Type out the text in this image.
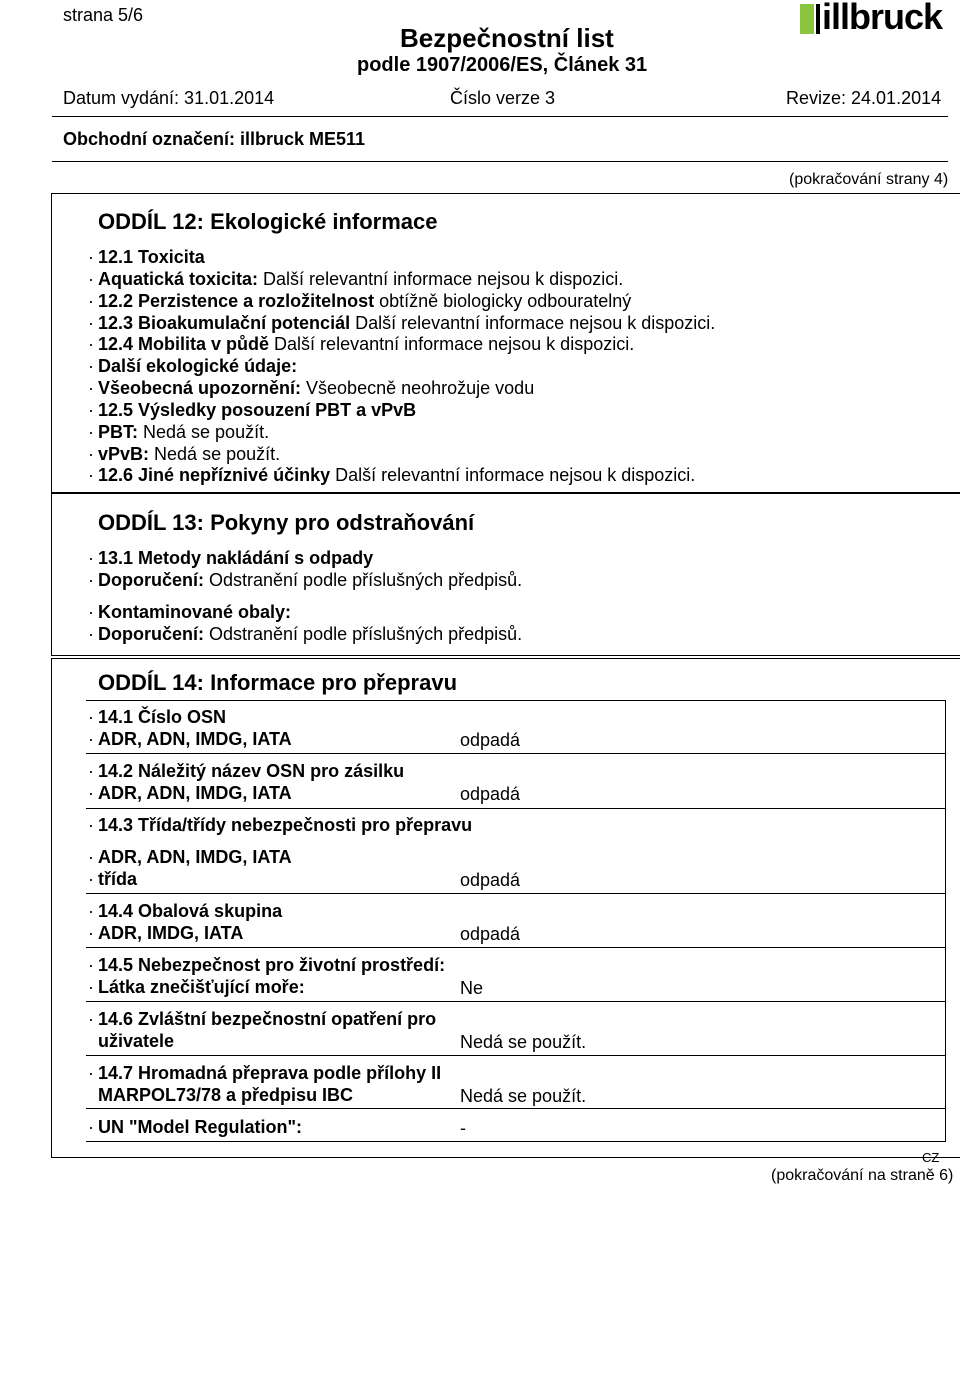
strana 5/6
Bezpečnostní list
podle 1907/2006/ES, Článek 31
illbruck
Datum vydání: 31.01.2014	Číslo verze 3	Revize: 24.01.2014
Obchodní označení: illbruck ME511
(pokračování strany 4)
ODDÍL 12: Ekologické informace
· 12.1 Toxicita
· Aquatická toxicita: Další relevantní informace nejsou k dispozici.
· 12.2 Perzistence a rozložitelnost obtížně biologicky odbouratelný
· 12.3 Bioakumulační potenciál Další relevantní informace nejsou k dispozici.
· 12.4 Mobilita v půdě Další relevantní informace nejsou k dispozici.
· Další ekologické údaje:
· Všeobecná upozornění: Všeobecně neohrožuje vodu
· 12.5 Výsledky posouzení PBT a vPvB
· PBT: Nedá se použít.
· vPvB: Nedá se použít.
· 12.6 Jiné nepříznivé účinky Další relevantní informace nejsou k dispozici.
ODDÍL 13: Pokyny pro odstraňování
· 13.1 Metody nakládání s odpady
· Doporučení: Odstranění podle příslušných předpisů.
· Kontaminované obaly:
· Doporučení: Odstranění podle příslušných předpisů.
ODDÍL 14: Informace pro přepravu
· 14.1 Číslo OSN
· ADR, ADN, IMDG, IATA	odpadá
· 14.2 Náležitý název OSN pro zásilku
· ADR, ADN, IMDG, IATA	odpadá
· 14.3 Třída/třídy nebezpečnosti pro přepravu
· ADR, ADN, IMDG, IATA
· třída	odpadá
· 14.4 Obalová skupina
· ADR, IMDG, IATA	odpadá
· 14.5 Nebezpečnost pro životní prostředí:
· Látka znečišťující moře:	Ne
· 14.6 Zvláštní bezpečnostní opatření pro
uživatele	Nedá se použít.
· 14.7 Hromadná přeprava podle přílohy II
MARPOL73/78 a předpisu IBC	Nedá se použít.
· UN "Model Regulation":	-
CZ
(pokračování na straně 6)
